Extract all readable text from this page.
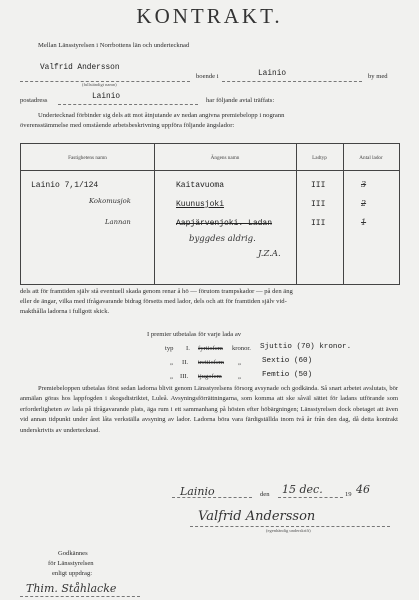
KONTRAKT.
Mellan Länsstyrelsen i Norrbottens län och undertecknad
Valfrid Andersson
(fullständigt namn)
boende i	Lainio	by med
postadress	Lainio	har följande avtal träffats:
Undertecknad förbinder sig dels att mot åtnjutande av nedan angivna premiebelopp i nogrann
överensstämmelse med omstående arbetsbeskrivning uppföra följande ängslador:
Fastighetens namn	Ängens namn	Ladtyp	Antal lador
Lainio 7,1/124	Kaitavuoma	III	3
Kokomusjok	Kuunusjoki	III	2
Lannan	Aapjärvenjoki. Ladan	III	1
byggdes aldrig.
J.Z.A.
dels att för framtiden själv stå eventuell skada genom renar å hö — förutom trampskador — på den äng
eller de ängar, vilka med ifrågavarande bidrag försetts med lador, dels och att för framtiden själv vid-
makthålla ladorna i fullgott skick.
I premier utbetalas för varje lada av
typ I. fyrtiofem kronor. Sjuttio (70) kronor.
„ II. trettiofem „	Sextio (60)
„ III. tjugofem „	Femtio (50)
Premiebeloppen utbetalas först sedan ladorna blivit genom Länsstyrelsens försorg avsynade och godkända. Så snart arbetet avslutats, bör anmälan göras hos lappfogden i skogsdistriktet, Luleå. Avsyningsförrättningarna, som komma att ske såväl sättet för ladans utförande som erforderligheten av lada på ifrågavarande plats, äga rum i ett sammanhang på hösten efter höbärgningen; Länsstyrelsen dock obetaget att även vid annan tidpunkt under året låta verkställa avsyning av lador. Ladorna böra vara färdigställda inom två år från den dag, då detta kontrakt underskrivits av undertecknad.
Lainio	den 15 dec.	19 46
Valfrid Andersson
(egenhändig underskrift)
Godkännes
för Länsstyrelsen
enligt uppdrag:
Thim. Ståhlacke
